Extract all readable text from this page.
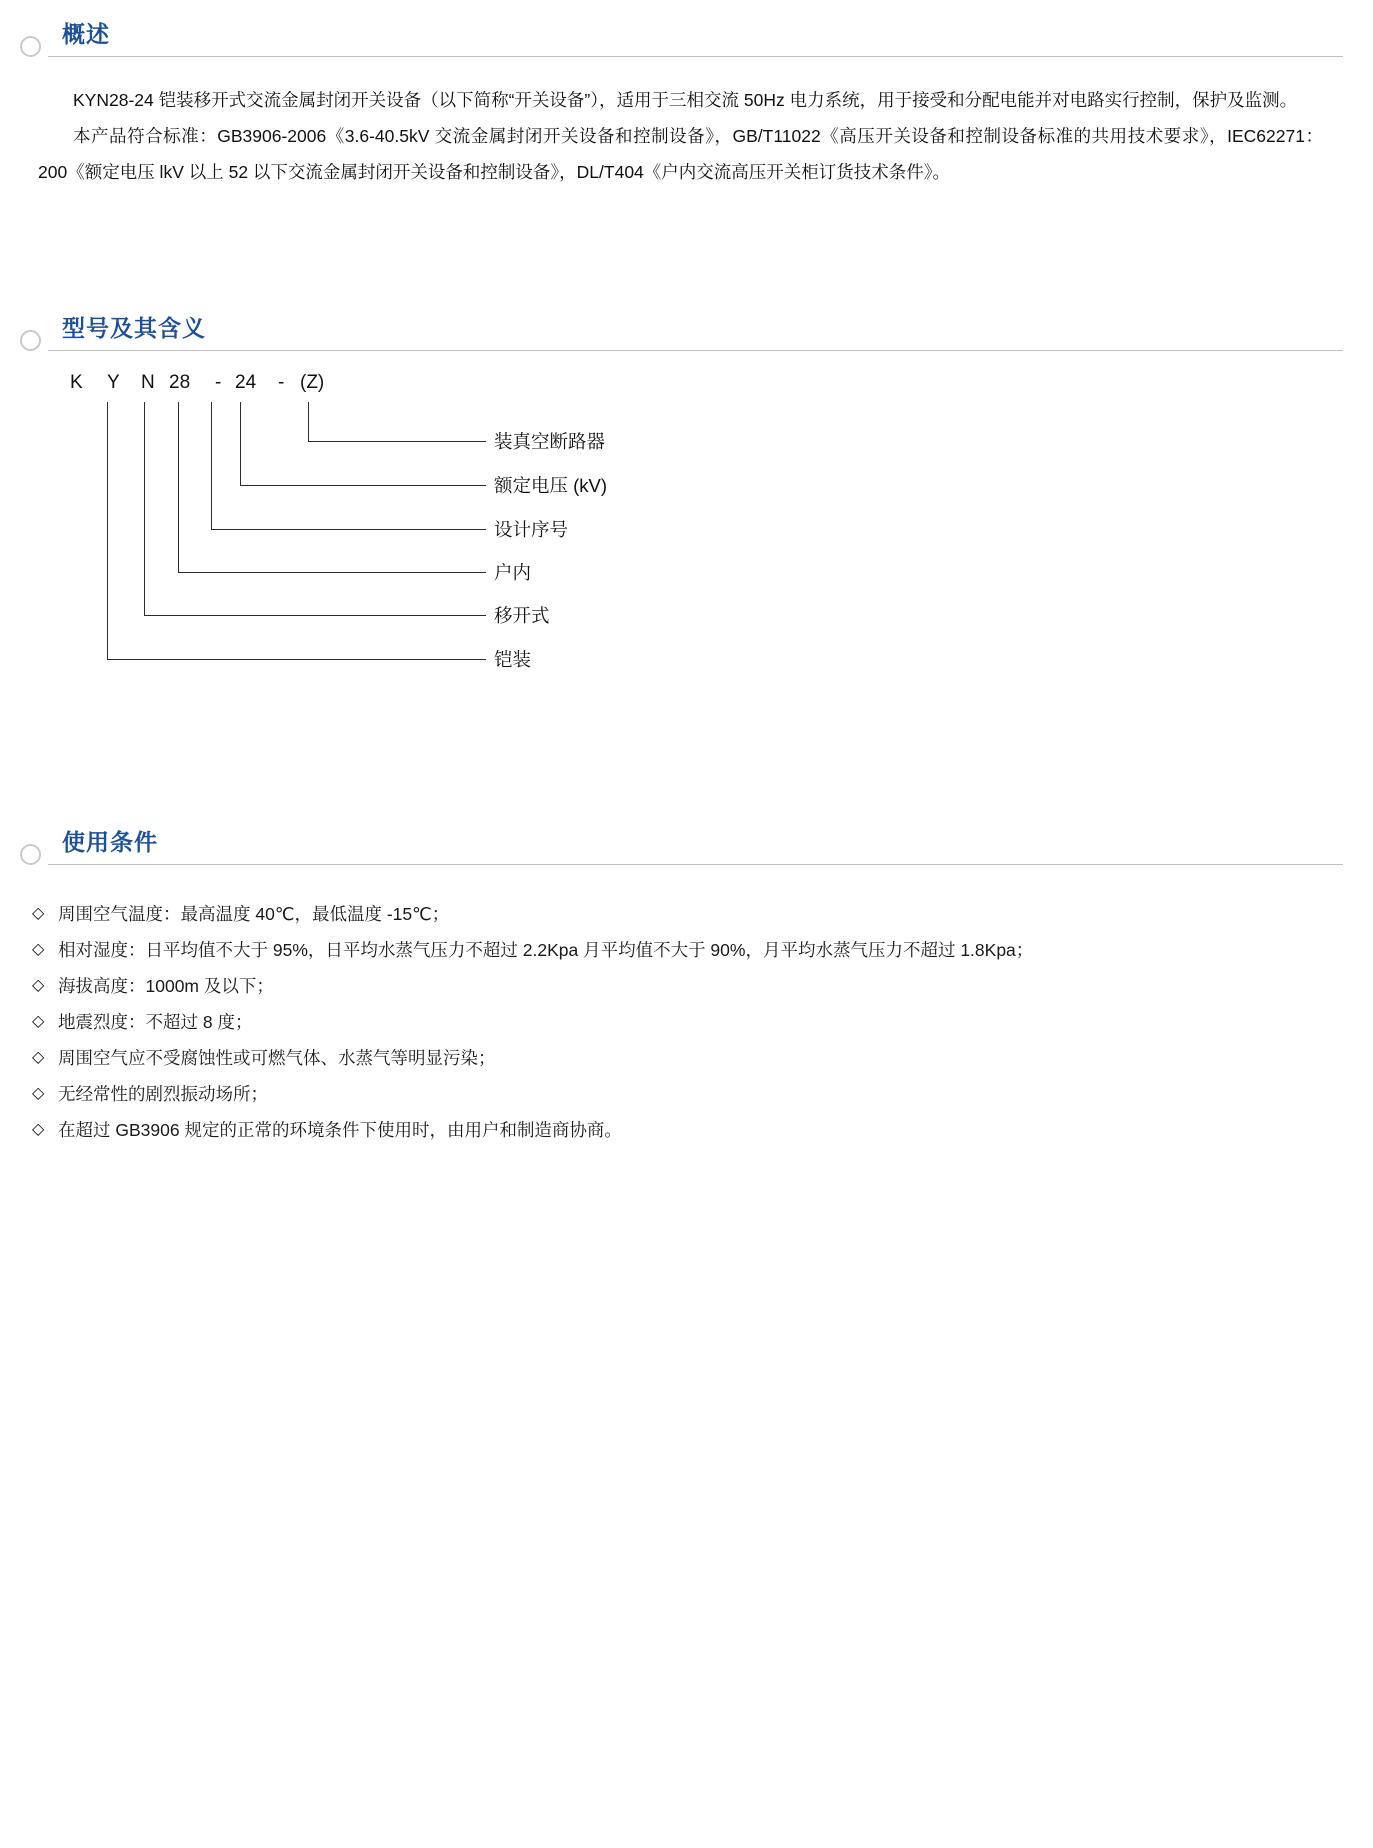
概述

KYN28-24 铠装移开式交流金属封闭开关设备（以下简称“开关设备”），适用于三相交流 50Hz 电力系统，用于接受和分配电能并对电路实行控制，保护及监测。

本产品符合标准：GB3906-2006《3.6-40.5kV 交流金属封闭开关设备和控制设备》，GB/T11022《高压开关设备和控制设备标准的共用技术要求》，IEC62271：200《额定电压 lkV 以上 52 以下交流金属封闭开关设备和控制设备》，DL/T404《户内交流高压开关柜订货技术条件》。

型号及其含义
K Y N 28 - 24 - (Z)
装真空断路器
额定电压 (kV)
设计序号
户内
移开式
铠装
使用条件
◇ 周围空气温度：最高温度 40℃，最低温度 -15℃；
◇ 相对湿度：日平均值不大于 95%，日平均水蒸气压力不超过 2.2Kpa 月平均值不大于 90%，月平均水蒸气压力不超过 1.8Kpa；
◇ 海拔高度：1000m 及以下；
◇ 地震烈度：不超过 8 度；
◇ 周围空气应不受腐蚀性或可燃气体、水蒸气等明显污染；
◇ 无经常性的剧烈振动场所；
◇ 在超过 GB3906 规定的正常的环境条件下使用时，由用户和制造商协商。
